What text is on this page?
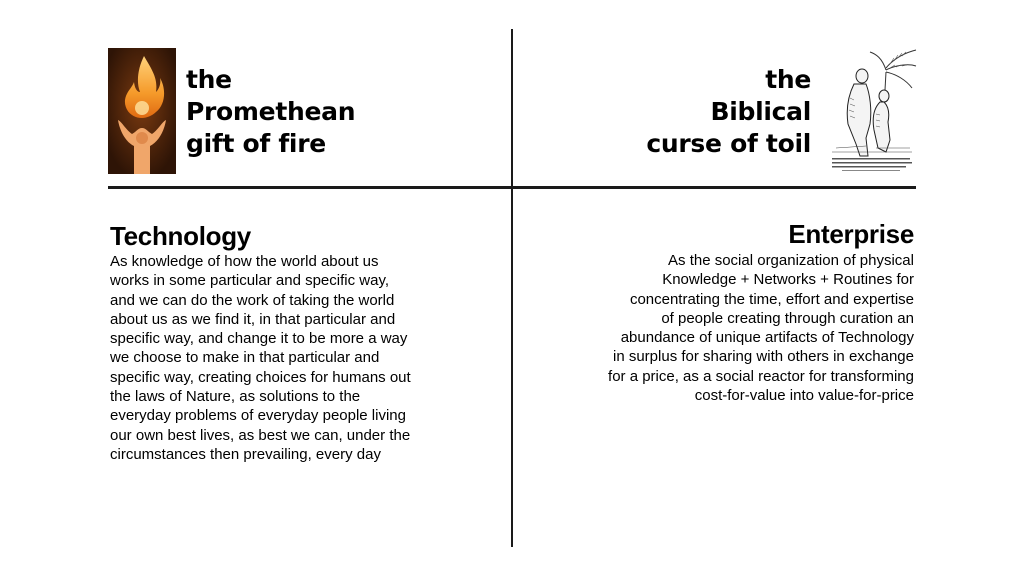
the
Promethean
gift of fire
the
Biblical
curse of toil
Technology
As knowledge of how the world about us
works in some particular and specific way,
and we can do the work of taking the world
about us as we find it, in that particular and
specific way, and change it to be more a way
we choose to make in that particular and
specific way, creating choices for humans out
the laws of Nature, as solutions to the
everyday problems of everyday people living
our own best lives, as best we can, under the
circumstances then prevailing, every day
Enterprise
As the social organization of physical
Knowledge + Networks + Routines for
concentrating the time, effort and expertise
of people creating through curation an
abundance of unique artifacts of Technology
in surplus for sharing with others in exchange
for a price, as a social reactor for transforming
cost-for-value into value-for-price
